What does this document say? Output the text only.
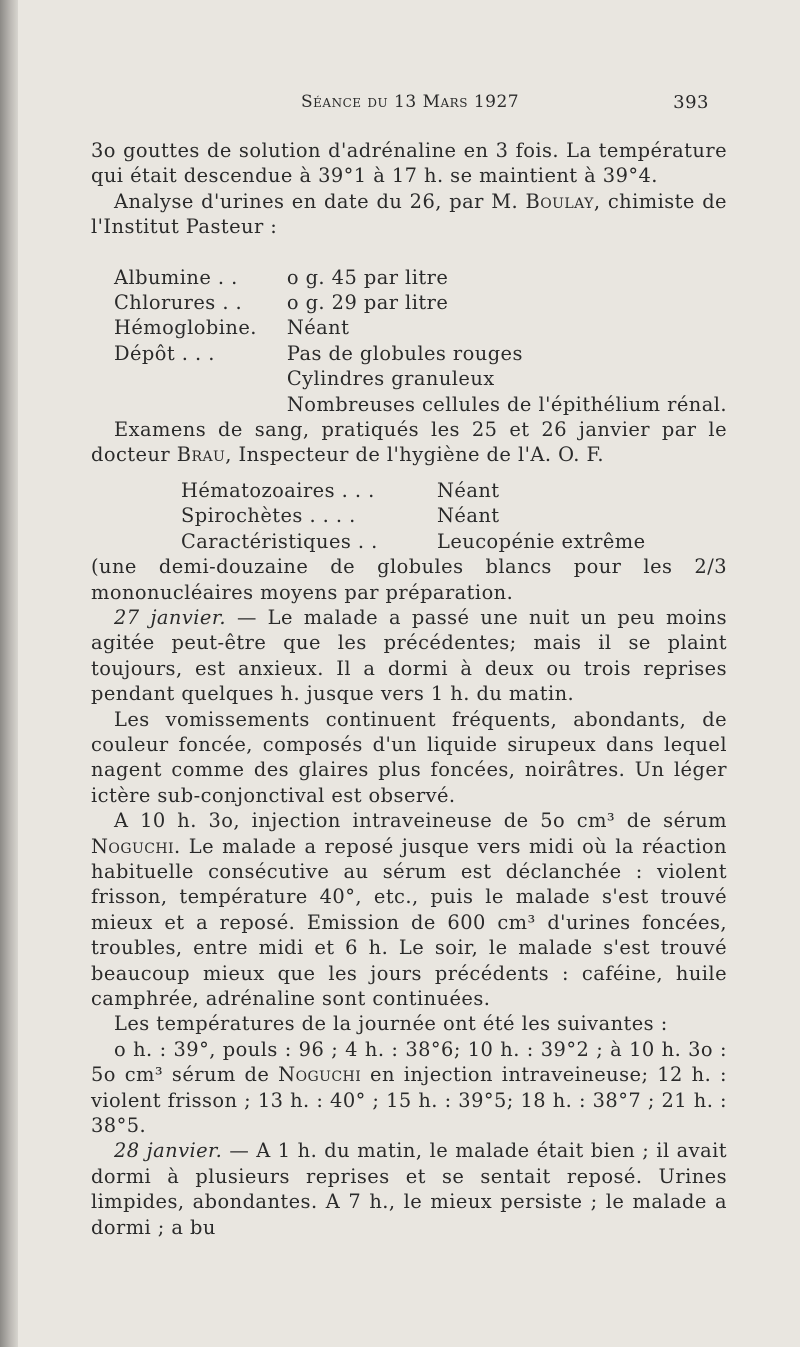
Séance du 13 Mars 1927	393

3o gouttes de solution d'adrénaline en 3 fois. La température qui était descendue à 39°1 à 17 h. se maintient à 39°4.

Analyse d'urines en date du 26, par M. Boulay, chimiste de l'Institut Pasteur :

Albumine . .	o g. 45 par litre
Chlorures . .	o g. 29 par litre
Hémoglobine.	Néant
Dépôt . . .	Pas de globules rouges
	Cylindres granuleux
	Nombreuses cellules de l'épithélium rénal.

Examens de sang, pratiqués les 25 et 26 janvier par le docteur Brau, Inspecteur de l'hygiène de l'A. O. F.

Hématozoaires . . .	Néant
Spirochètes . . . .	Néant
Caractéristiques . .	Leucopénie extrême

(une demi-douzaine de globules blancs pour les 2/3 mononucléaires moyens par préparation.

27 janvier. — Le malade a passé une nuit un peu moins agitée peut-être que les précédentes; mais il se plaint toujours, est anxieux. Il a dormi à deux ou trois reprises pendant quelques h. jusque vers 1 h. du matin.

Les vomissements continuent fréquents, abondants, de couleur foncée, composés d'un liquide sirupeux dans lequel nagent comme des glaires plus foncées, noirâtres. Un léger ictère sub-conjonctival est observé.

A 10 h. 3o, injection intraveineuse de 5o cm³ de sérum Noguchi. Le malade a reposé jusque vers midi où la réaction habituelle consécutive au sérum est déclanchée : violent frisson, température 40°, etc., puis le malade s'est trouvé mieux et a reposé. Emission de 600 cm³ d'urines foncées, troubles, entre midi et 6 h. Le soir, le malade s'est trouvé beaucoup mieux que les jours précédents : caféine, huile camphrée, adrénaline sont continuées.

Les températures de la journée ont été les suivantes :

o h. : 39°, pouls : 96 ; 4 h. : 38°6; 10 h. : 39°2 ; à 10 h. 3o : 5o cm³ sérum de Noguchi en injection intraveineuse; 12 h. : violent frisson ; 13 h. : 40° ; 15 h. : 39°5; 18 h. : 38°7 ; 21 h. : 38°5.

28 janvier. — A 1 h. du matin, le malade était bien ; il avait dormi à plusieurs reprises et se sentait reposé. Urines limpides, abondantes. A 7 h., le mieux persiste ; le malade a dormi ; a bu
